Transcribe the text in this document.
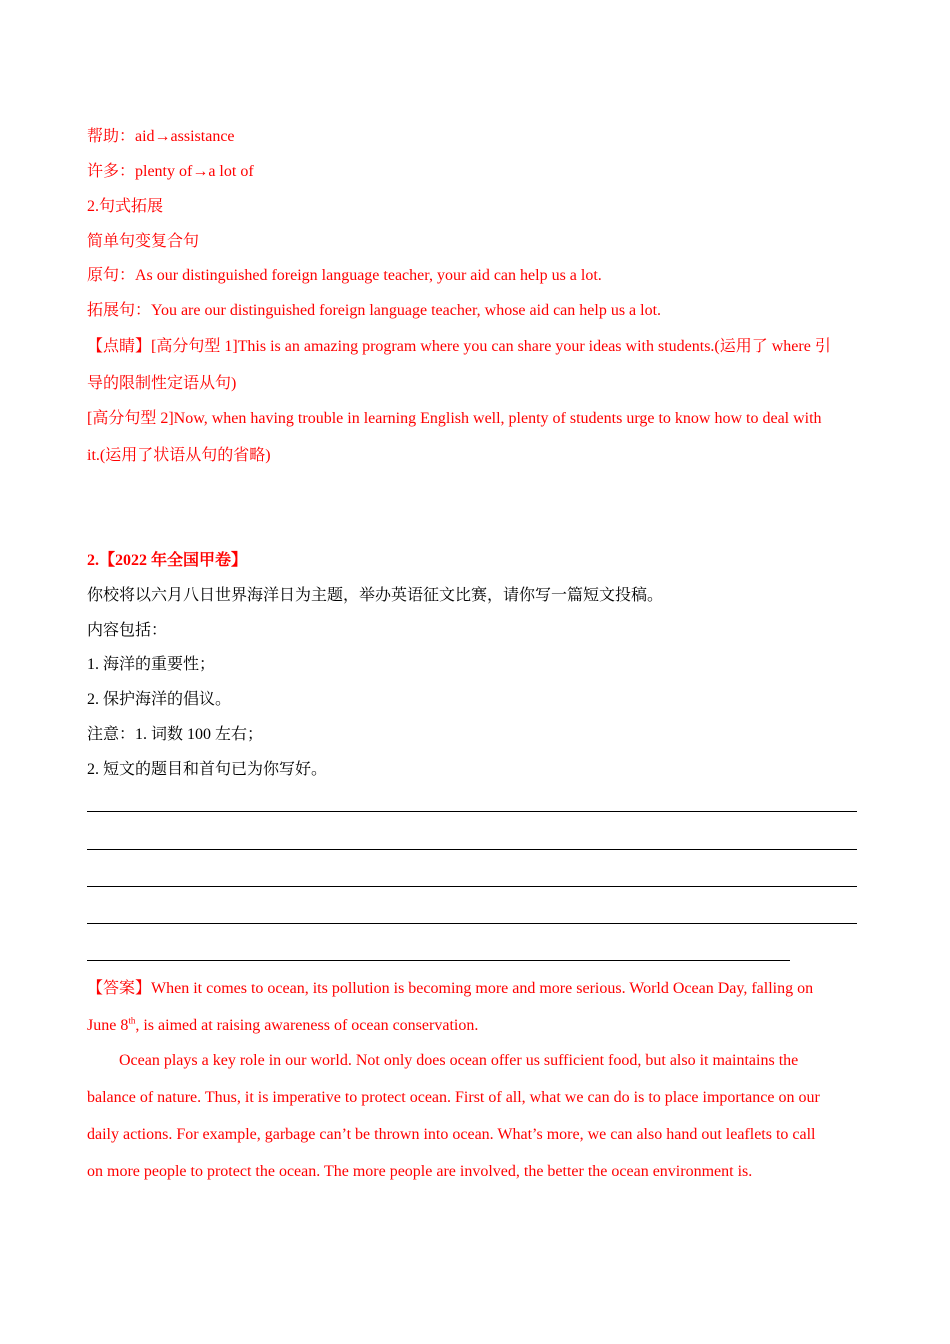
帮助：aid→assistance
许多：plenty of→a lot of
2.句式拓展
简单句变复合句
原句：As our distinguished foreign language teacher, your aid can help us a lot.
拓展句：You are our distinguished foreign language teacher, whose aid can help us a lot.
【点睛】[高分句型 1]This is an amazing program where you can share your ideas with students.(运用了 where 引
导的限制性定语从句)
[高分句型 2]Now, when having trouble in learning English well, plenty of students urge to know how to deal with
it.(运用了状语从句的省略)
2.【2022 年全国甲卷】
你校将以六月八日世界海洋日为主题，举办英语征文比赛，请你写一篇短文投稿。
内容包括：
1. 海洋的重要性；
2. 保护海洋的倡议。
注意：1. 词数 100 左右；
2. 短文的题目和首句已为你写好。
【答案】When it comes to ocean, its pollution is becoming more and more serious. World Ocean Day, falling on
June 8th, is aimed at raising awareness of ocean conservation.
Ocean plays a key role in our world. Not only does ocean offer us sufficient food, but also it maintains the
balance of nature. Thus, it is imperative to protect ocean. First of all, what we can do is to place importance on our
daily actions. For example, garbage can’t be thrown into ocean. What’s more, we can also hand out leaflets to call
on more people to protect the ocean. The more people are involved, the better the ocean environment is.
